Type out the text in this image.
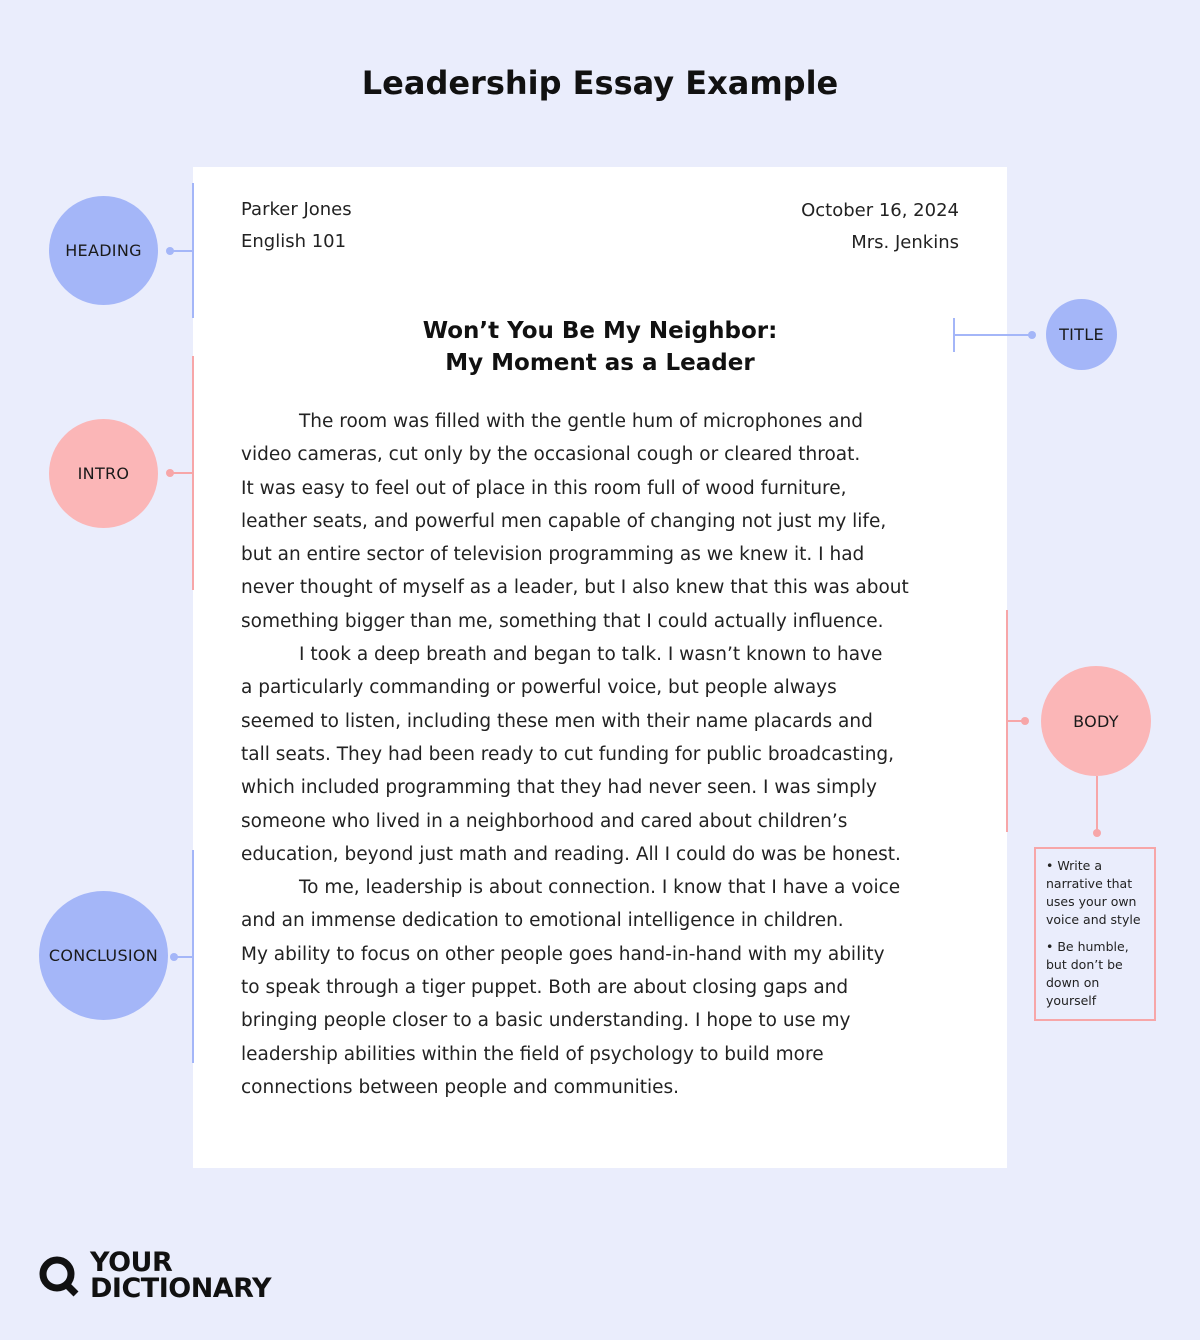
Leadership Essay Example
Parker Jones
English 101
October 16, 2024
Mrs. Jenkins
Won’t You Be My Neighbor:
My Moment as a Leader
The room was filled with the gentle hum of microphones and
video cameras, cut only by the occasional cough or cleared throat.
It was easy to feel out of place in this room full of wood furniture,
leather seats, and powerful men capable of changing not just my life,
but an entire sector of television programming as we knew it. I had
never thought of myself as a leader, but I also knew that this was about
something bigger than me, something that I could actually influence.
I took a deep breath and began to talk. I wasn’t known to have
a particularly commanding or powerful voice, but people always
seemed to listen, including these men with their name placards and
tall seats. They had been ready to cut funding for public broadcasting,
which included programming that they had never seen. I was simply
someone who lived in a neighborhood and cared about children’s
education, beyond just math and reading. All I could do was be honest.
To me, leadership is about connection. I know that I have a voice
and an immense dedication to emotional intelligence in children.
My ability to focus on other people goes hand-in-hand with my ability
to speak through a tiger puppet. Both are about closing gaps and
bringing people closer to a basic understanding. I hope to use my
leadership abilities within the field of psychology to build more
connections between people and communities.
HEADING
INTRO
CONCLUSION
TITLE
BODY
• Write a narrative that uses your own voice and style
• Be humble, but don’t be down on yourself
YOUR
DICTIONARY
